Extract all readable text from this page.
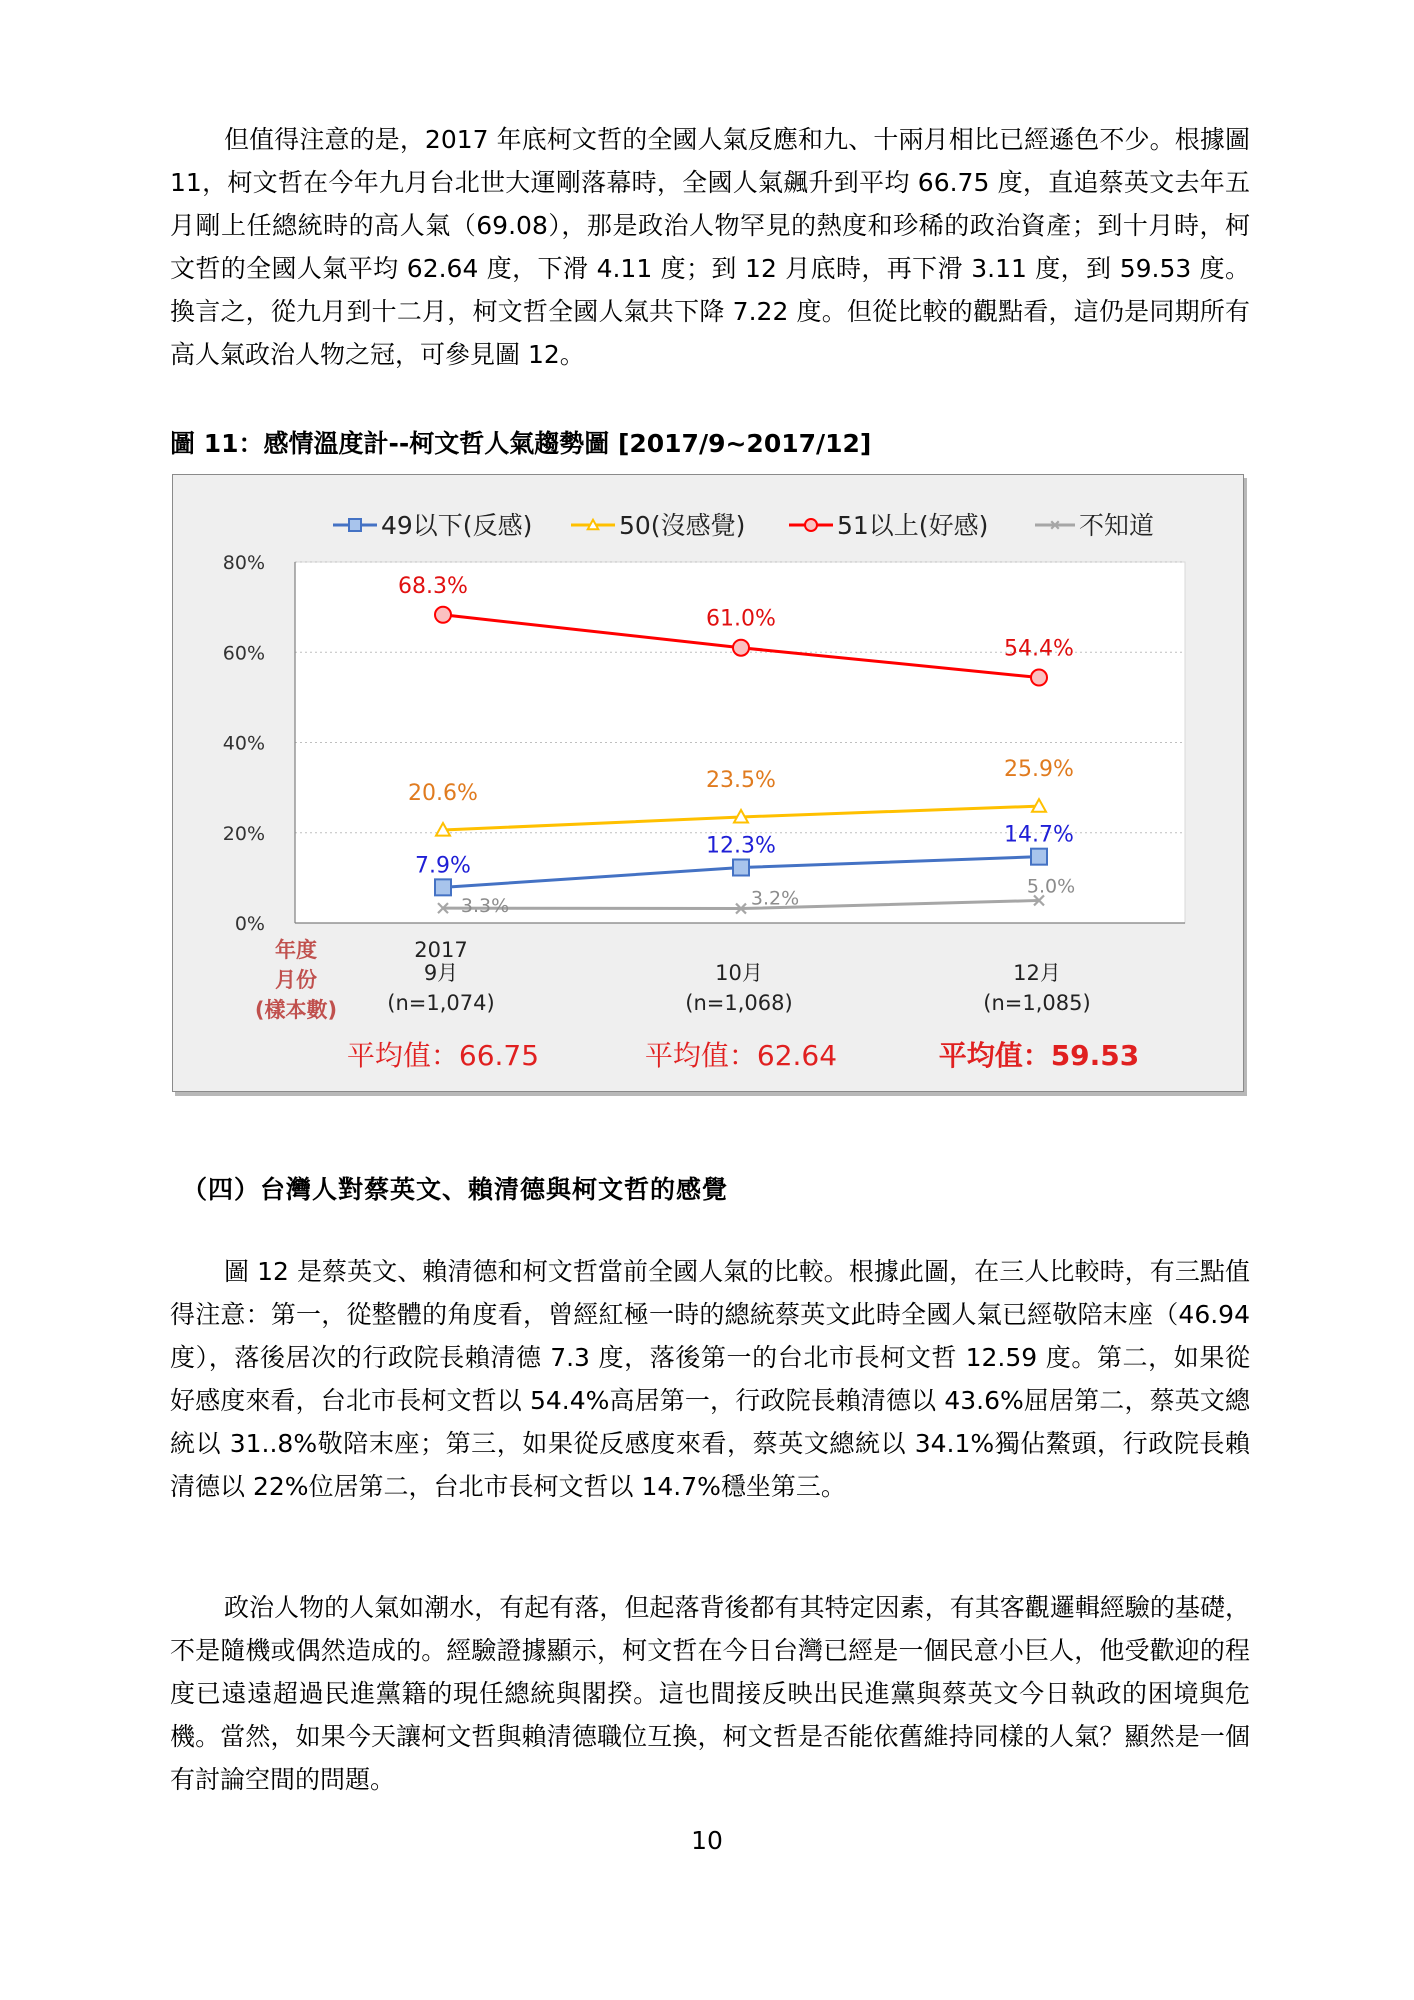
但值得注意的是，2017 年底柯文哲的全國人氣反應和九、十兩月相比已經遜色不少。根據圖 11，柯文哲在今年九月台北世大運剛落幕時，全國人氣飆升到平均 66.75 度，直追蔡英文去年五月剛上任總統時的高人氣（69.08），那是政治人物罕見的熱度和珍稀的政治資產；到十月時，柯文哲的全國人氣平均 62.64 度，下滑 4.11 度；到 12 月底時，再下滑 3.11 度，到 59.53 度。換言之，從九月到十二月，柯文哲全國人氣共下降 7.22 度。但從比較的觀點看，這仍是同期所有高人氣政治人物之冠，可參見圖 12。

圖 11：感情溫度計--柯文哲人氣趨勢圖 [2017/9~2017/12]

0%
20%
40%
60%
80%
49以下(反感)	50(沒感覺)	51以上(好感)	不知道
7.9%
12.3%	14.7%
20.6%
23.5%	25.9%
68.3%
61.0%
54.4%
3.3%	3.2%
5.0%
年度
月份
(樣本數)
2017
9月
(n=1,074)
平均值：66.75
10月
(n=1,068)
平均值：62.64
12月
(n=1,085)
平均值：59.53

（四）台灣人對蔡英文、賴清德與柯文哲的感覺

圖 12 是蔡英文、賴清德和柯文哲當前全國人氣的比較。根據此圖，在三人比較時，有三點值得注意：第一，從整體的角度看，曾經紅極一時的總統蔡英文此時全國人氣已經敬陪末座（46.94 度），落後居次的行政院長賴清德 7.3 度，落後第一的台北市長柯文哲 12.59 度。第二，如果從好感度來看，台北市長柯文哲以 54.4%高居第一，行政院長賴清德以 43.6%屈居第二，蔡英文總統以 31..8%敬陪末座；第三，如果從反感度來看，蔡英文總統以 34.1%獨佔鰲頭，行政院長賴清德以 22%位居第二，台北市長柯文哲以 14.7%穩坐第三。

政治人物的人氣如潮水，有起有落，但起落背後都有其特定因素，有其客觀邏輯經驗的基礎，不是隨機或偶然造成的。經驗證據顯示，柯文哲在今日台灣已經是一個民意小巨人，他受歡迎的程度已遠遠超過民進黨籍的現任總統與閣揆。這也間接反映出民進黨與蔡英文今日執政的困境與危機。當然，如果今天讓柯文哲與賴清德職位互換，柯文哲是否能依舊維持同樣的人氣？顯然是一個有討論空間的問題。

10
